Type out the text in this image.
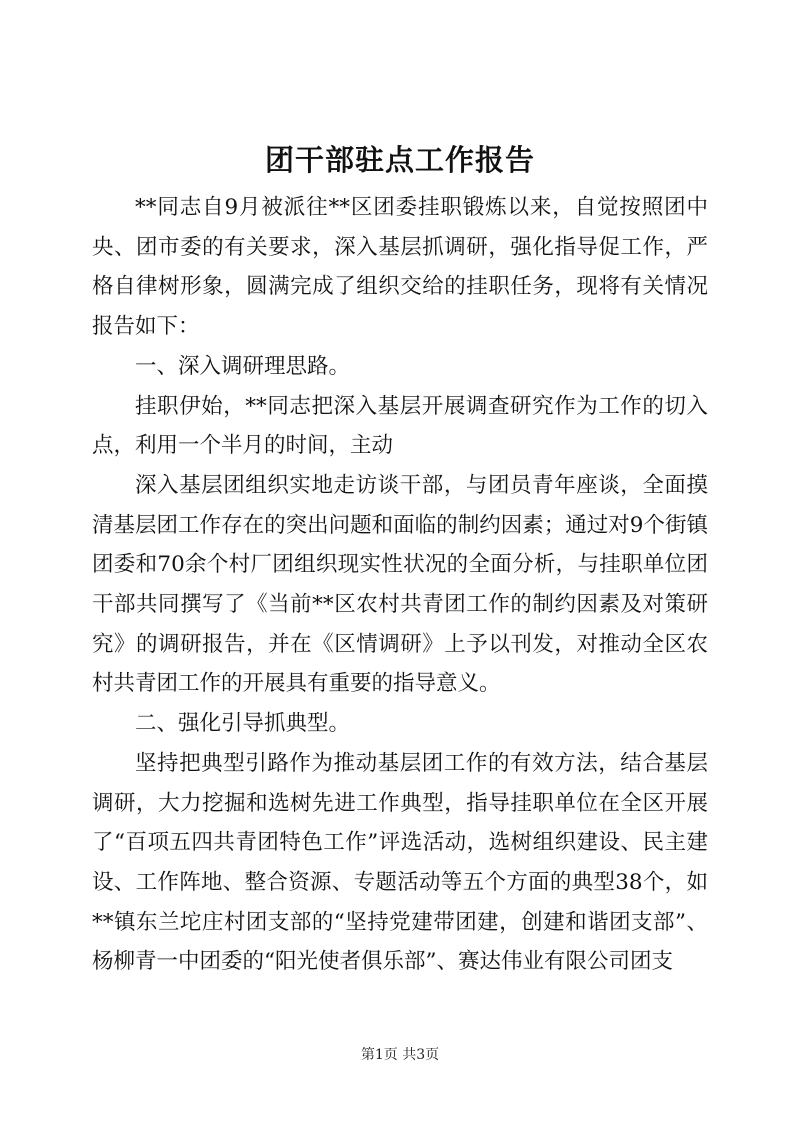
团干部驻点工作报告

**同志自9月被派往**区团委挂职锻炼以来，自觉按照团中央、团市委的有关要求，深入基层抓调研，强化指导促工作，严格自律树形象，圆满完成了组织交给的挂职任务，现将有关情况报告如下：

一、深入调研理思路。

挂职伊始，**同志把深入基层开展调查研究作为工作的切入点，利用一个半月的时间，主动

深入基层团组织实地走访谈干部，与团员青年座谈，全面摸清基层团工作存在的突出问题和面临的制约因素；通过对9个街镇团委和70余个村厂团组织现实性状况的全面分析，与挂职单位团干部共同撰写了《当前**区农村共青团工作的制约因素及对策研究》的调研报告，并在《区情调研》上予以刊发，对推动全区农村共青团工作的开展具有重要的指导意义。

二、强化引导抓典型。

坚持把典型引路作为推动基层团工作的有效方法，结合基层调研，大力挖掘和选树先进工作典型，指导挂职单位在全区开展了“百项五四共青团特色工作”评选活动，选树组织建设、民主建设、工作阵地、整合资源、专题活动等五个方面的典型38个，如**镇东兰坨庄村团支部的“坚持党建带团建，创建和谐团支部”、杨柳青一中团委的“阳光使者俱乐部”、赛达伟业有限公司团支

第1页 共3页
